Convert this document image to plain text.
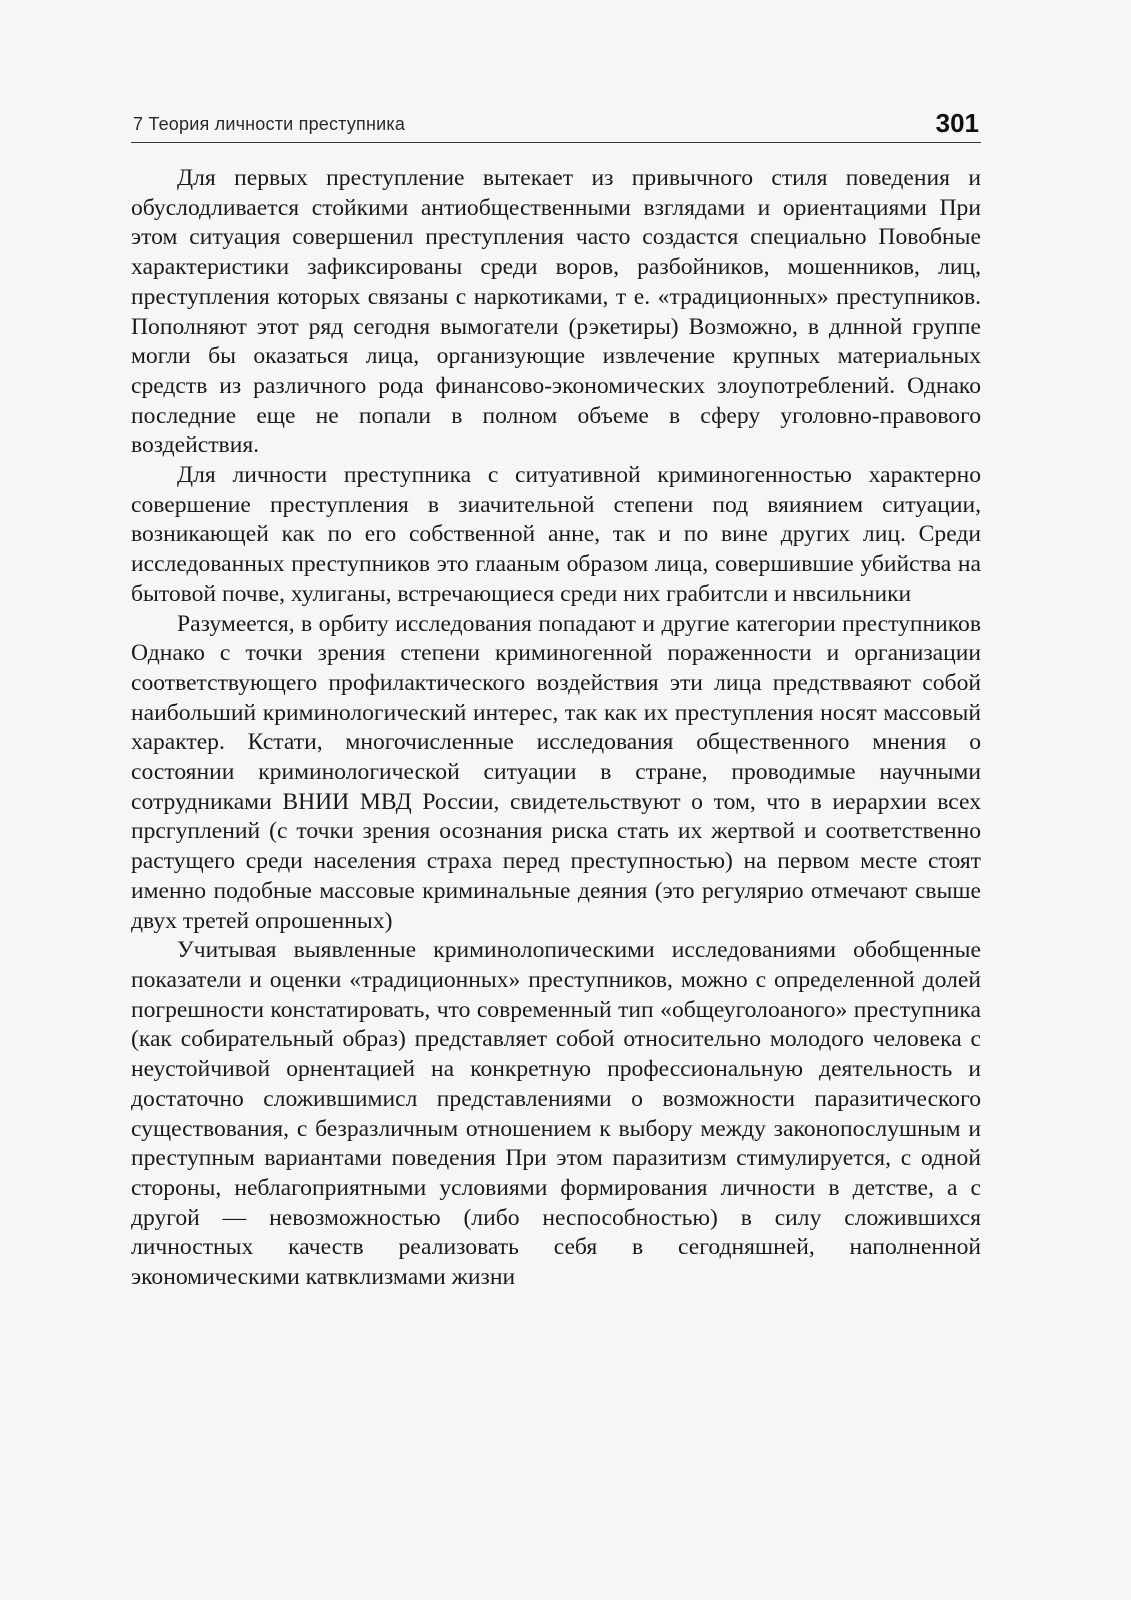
7 Теория личности преступника	301

Для первых преступление вытекает из привычного стиля поведения и обуслодливается стойкими антиобщественными взглядами и ориентациями При этом ситуация совершенил преступления часто создастся специально Повобные характеристики зафиксированы среди воров, разбойников, мошенников, лиц, преступления которых связаны с наркотиками, т е. «традиционных» преступников. Пополняют этот ряд сегодня вымогатели (рэкетиры) Возможно, в длнной группе могли бы оказаться лица, организующие извлечение крупных материальных средств из различного рода финансово-экономических злоупотреблений. Однако последние еще не попали в полном объеме в сферу уголовно-правового воздействия.

Для личности преступника с ситуативной криминогенностью характерно совершение преступления в зиачительной степени под вяиянием ситуации, возникающей как по его собственной анне, так и по вине других лиц. Среди исследованных преступников это глааным образом лица, совершившие убийства на бытовой почве, хулиганы, встречающиеся среди них грабитсли и нвсильники

Разумеется, в орбиту исследования попадают и другие категории преступников Однако с точки зрения степени криминогенной пораженности и организации соответствующего профилактического воздействия эти лица предствваяют собой наибольший криминологический интерес, так как их преступления носят массовый характер. Кстати, многочисленные исследования общественного мнения о состоянии криминологической ситуации в стране, проводимые научными сотрудниками ВНИИ МВД России, свидетельствуют о том, что в иерархии всех прсгуплений (с точки зрения осознания риска стать их жертвой и соответственно растущего среди населения страха перед преступностью) на первом месте стоят именно подобные массовые криминальные деяния (это регуляриo отмечают свыше двух третей опрошенных)

Учитывая выявленные криминолопическими исследованиями обобщенные показатели и оценки «традиционных» преступников, можно с определенной долей погрешности констатировать, что современный тип «общеуголоаного» преступника (как собирательный образ) представляет собой относительно молодого человека с неустойчивой орнентацией на конкретную профессиональную деятельность и достаточно сложившимисл представлениями о возможности паразитического существования, с безразличным отношением к выбору между законопослушным и преступным вариантами поведения При этом паразитизм стимулируется, с одной стороны, неблагоприятными условиями формирования личности в детстве, а с другой — невозможностью (либо неспособностью) в силу сложившихся личностных качеств реализовать себя в сегодняшней, наполненной экономическими катвклизмами жизни
